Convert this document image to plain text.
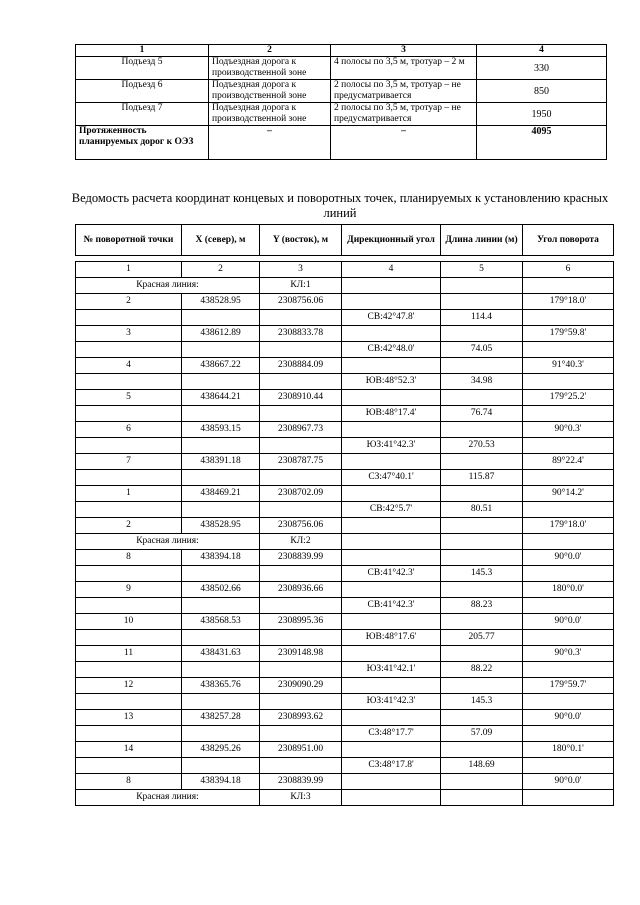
1	2	3	4
Подъезд 5	Подъездная дорога к производственной зоне	4 полосы по 3,5 м, тротуар – 2 м	330
Подъезд 6	Подъездная дорога к производственной зоне	2 полосы по 3,5 м, тротуар – не предусматривается	850
Подъезд 7	Подъездная дорога к производственной зоне	2 полосы по 3,5 м, тротуар – не предусматривается	1950
Протяженность планируемых дорог к ОЭЗ	–	–	4095
Ведомость расчета координат концевых и поворотных точек, планируемых к установлению красных линий
№ поворотной точки	X (север), м	Y (восток), м	Дирекционный угол	Длина линии (м)	Угол поворота
1	2	3	4	5	6
Красная линия:		КЛ:1			
2	438528.95	2308756.06			179°18.0'
			СВ:42°47.8'	114.4	
3	438612.89	2308833.78			179°59.8'
			СВ:42°48.0'	74.05	
4	438667.22	2308884.09			91°40.3'
			ЮВ:48°52.3'	34.98	
5	438644.21	2308910.44			179°25.2'
			ЮВ:48°17.4'	76.74	
6	438593.15	2308967.73			90°0.3'
			ЮЗ:41°42.3'	270.53	
7	438391.18	2308787.75			89°22.4'
			СЗ:47°40.1'	115.87	
1	438469.21	2308702.09			90°14.2'
			СВ:42°5.7'	80.51	
2	438528.95	2308756.06			179°18.0'
Красная линия:		КЛ:2			
8	438394.18	2308839.99			90°0.0'
			СВ:41°42.3'	145.3	
9	438502.66	2308936.66			180°0.0'
			СВ:41°42.3'	88.23	
10	438568.53	2308995.36			90°0.0'
			ЮВ:48°17.6'	205.77	
11	438431.63	2309148.98			90°0.3'
			ЮЗ:41°42.1'	88.22	
12	438365.76	2309090.29			179°59.7'
			ЮЗ:41°42.3'	145.3	
13	438257.28	2308993.62			90°0.0'
			СЗ:48°17.7'	57.09	
14	438295.26	2308951.00			180°0.1'
			СЗ:48°17.8'	148.69	
8	438394.18	2308839.99			90°0.0'
Красная линия:		КЛ:3			
